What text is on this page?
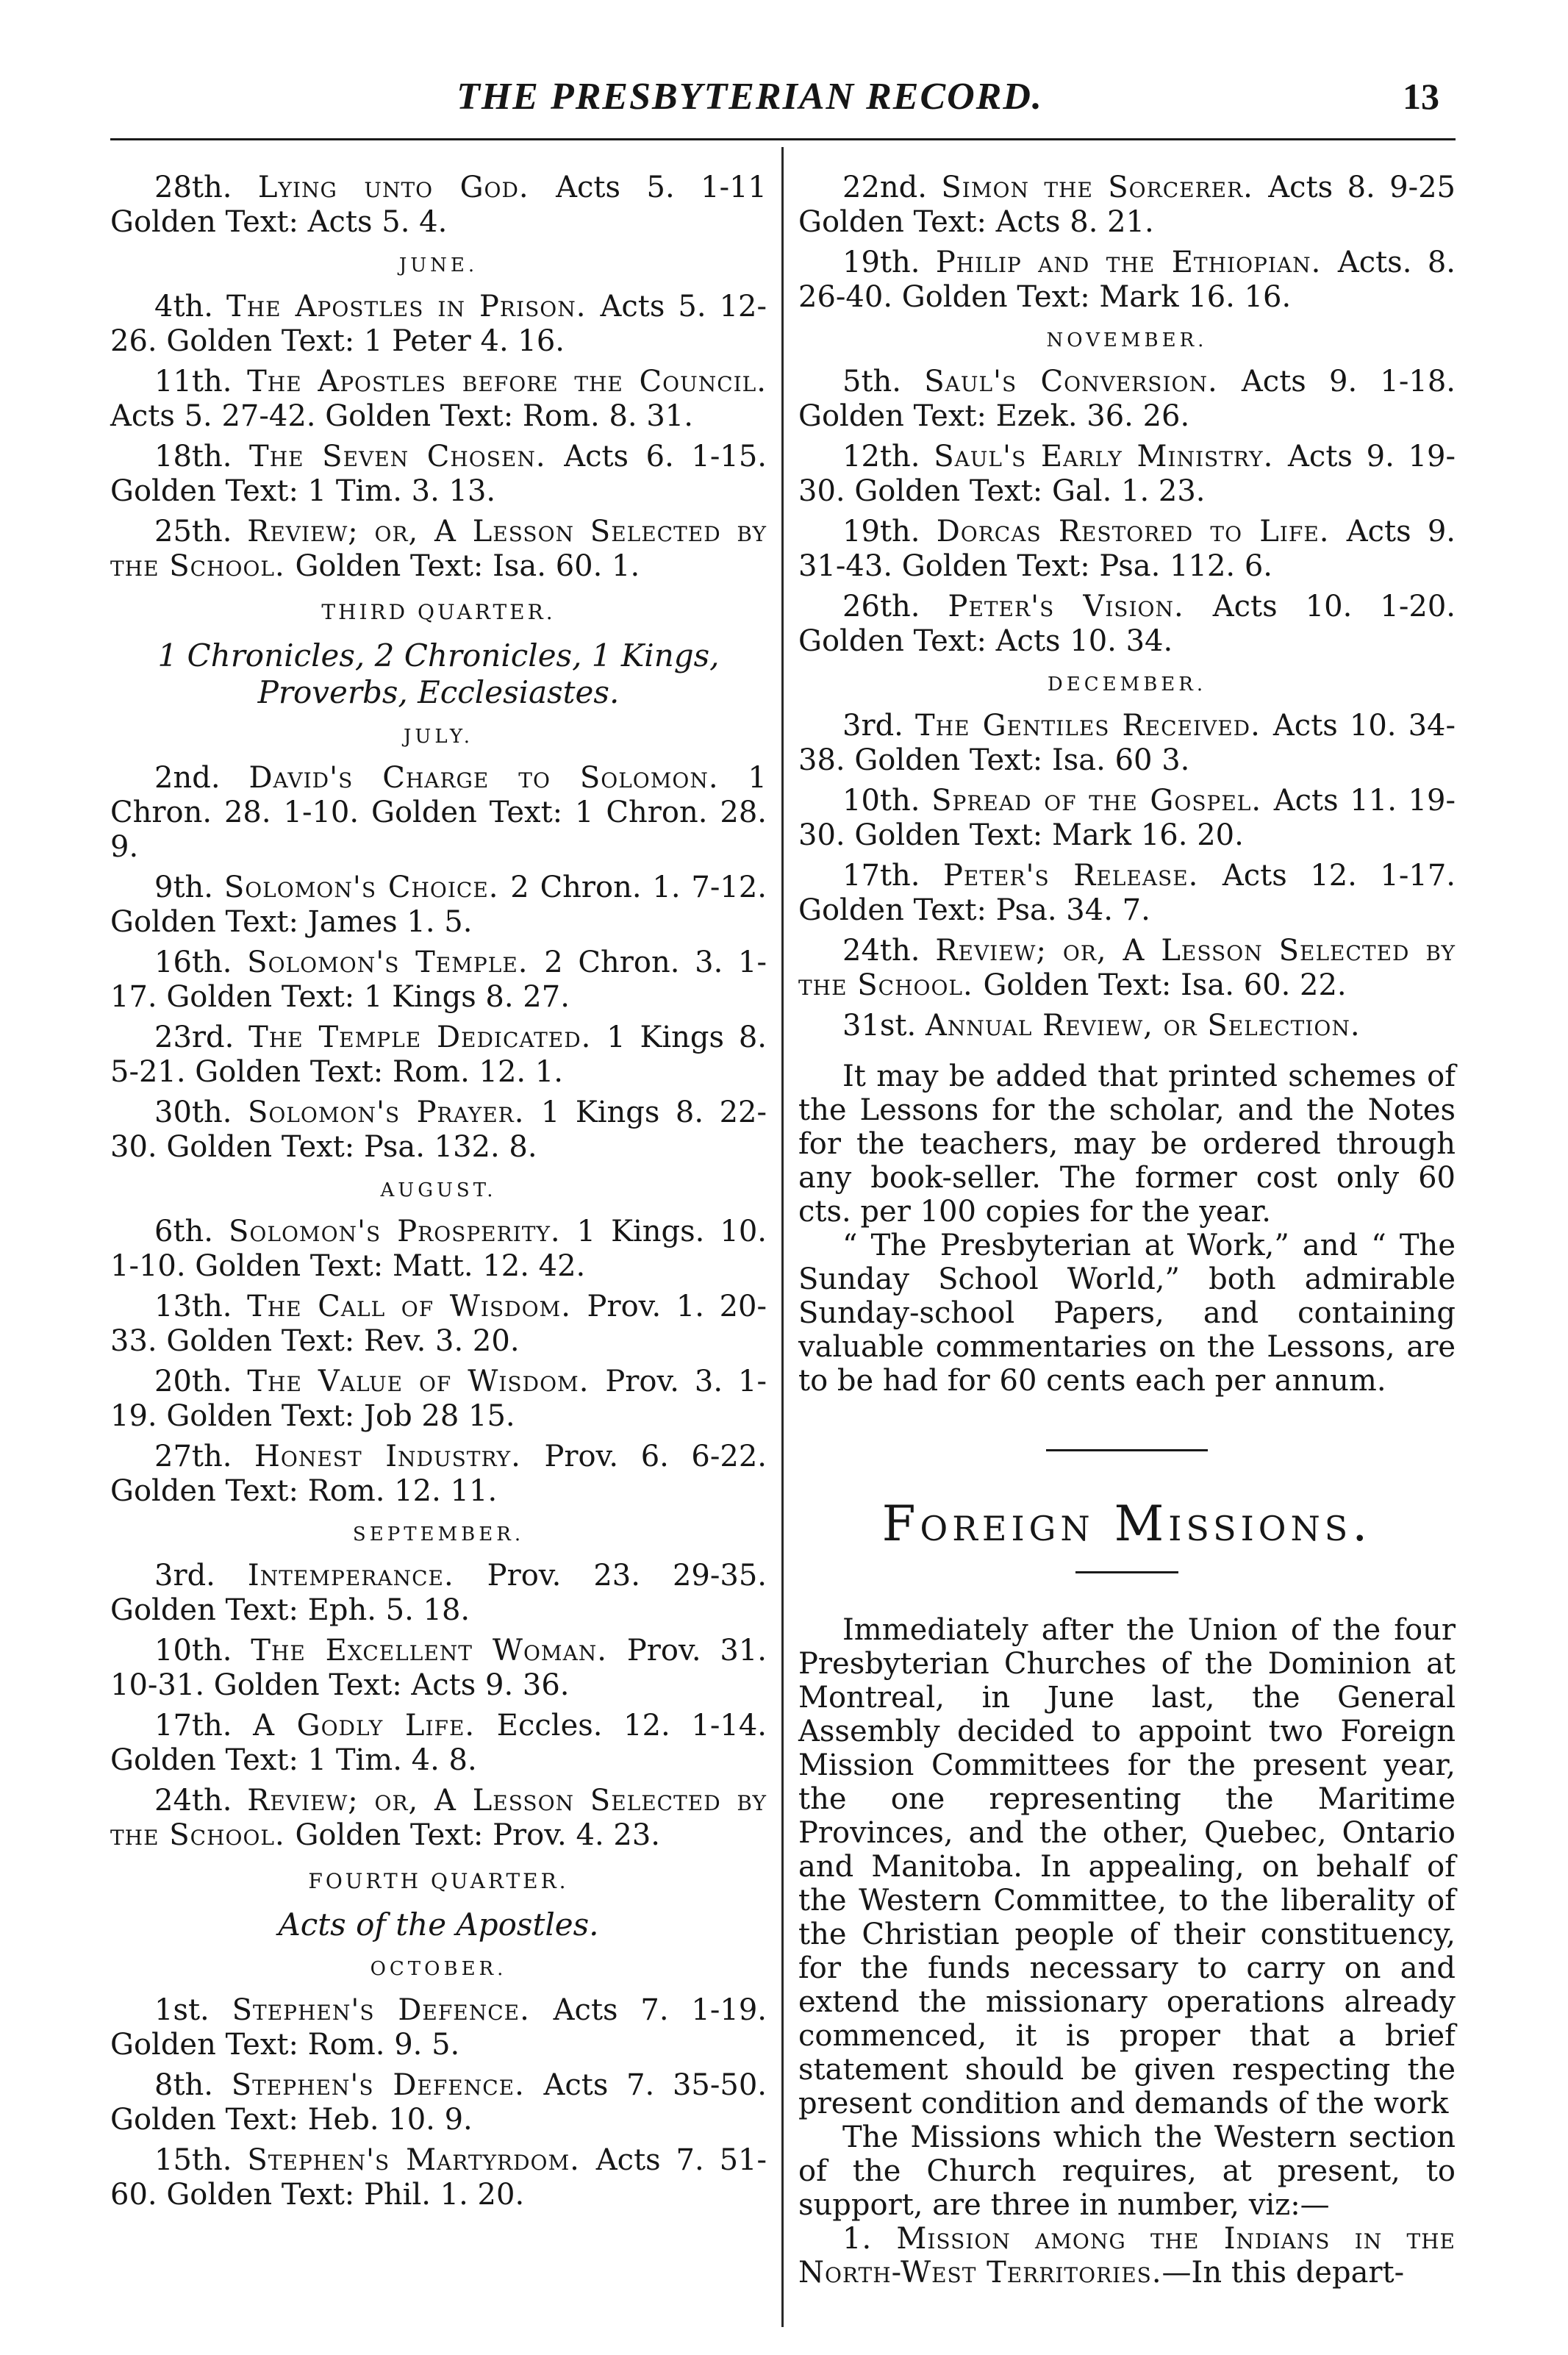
THE PRESBYTERIAN RECORD.	13

28th. Lying unto God. Acts 5. 1-11 Golden Text: Acts 5. 4.

JUNE.

4th. The Apostles in Prison. Acts 5. 12-26. Golden Text: 1 Peter 4. 16.

11th. The Apostles before the Council. Acts 5. 27-42. Golden Text: Rom. 8. 31.

18th. The Seven Chosen. Acts 6. 1-15. Golden Text: 1 Tim. 3. 13.

25th. Review; or, A Lesson Selected by the School. Golden Text: Isa. 60. 1.

THIRD QUARTER.
1 Chronicles, 2 Chronicles, 1 Kings, Proverbs, Ecclesiastes.
JULY.

2nd. David's Charge to Solomon. 1 Chron. 28. 1-10. Golden Text: 1 Chron. 28. 9.

9th. Solomon's Choice. 2 Chron. 1. 7-12. Golden Text: James 1. 5.

16th. Solomon's Temple. 2 Chron. 3. 1-17. Golden Text: 1 Kings 8. 27.

23rd. The Temple Dedicated. 1 Kings 8. 5-21. Golden Text: Rom. 12. 1.

30th. Solomon's Prayer. 1 Kings 8. 22-30. Golden Text: Psa. 132. 8.

AUGUST.

6th. Solomon's Prosperity. 1 Kings. 10. 1-10. Golden Text: Matt. 12. 42.

13th. The Call of Wisdom. Prov. 1. 20-33. Golden Text: Rev. 3. 20.

20th. The Value of Wisdom. Prov. 3. 1-19. Golden Text: Job 28 15.

27th. Honest Industry. Prov. 6. 6-22. Golden Text: Rom. 12. 11.

SEPTEMBER.

3rd. Intemperance. Prov. 23. 29-35. Golden Text: Eph. 5. 18.

10th. The Excellent Woman. Prov. 31. 10-31. Golden Text: Acts 9. 36.

17th. A Godly Life. Eccles. 12. 1-14. Golden Text: 1 Tim. 4. 8.

24th. Review; or, A Lesson Selected by the School. Golden Text: Prov. 4. 23.

FOURTH QUARTER.
Acts of the Apostles.
OCTOBER.

1st. Stephen's Defence. Acts 7. 1-19. Golden Text: Rom. 9. 5.

8th. Stephen's Defence. Acts 7. 35-50. Golden Text: Heb. 10. 9.

15th. Stephen's Martyrdom. Acts 7. 51-60. Golden Text: Phil. 1. 20.

22nd. Simon the Sorcerer. Acts 8. 9-25 Golden Text: Acts 8. 21.

19th. Philip and the Ethiopian. Acts. 8. 26-40. Golden Text: Mark 16. 16.

NOVEMBER.

5th. Saul's Conversion. Acts 9. 1-18. Golden Text: Ezek. 36. 26.

12th. Saul's Early Ministry. Acts 9. 19-30. Golden Text: Gal. 1. 23.

19th. Dorcas Restored to Life. Acts 9. 31-43. Golden Text: Psa. 112. 6.

26th. Peter's Vision. Acts 10. 1-20. Golden Text: Acts 10. 34.

DECEMBER.

3rd. The Gentiles Received. Acts 10. 34-38. Golden Text: Isa. 60 3.

10th. Spread of the Gospel. Acts 11. 19-30. Golden Text: Mark 16. 20.

17th. Peter's Release. Acts 12. 1-17. Golden Text: Psa. 34. 7.

24th. Review; or, A Lesson Selected by the School. Golden Text: Isa. 60. 22.

31st. Annual Review, or Selection.

It may be added that printed schemes of the Lessons for the scholar, and the Notes for the teachers, may be ordered through any book-seller. The former cost only 60 cts. per 100 copies for the year.

“ The Presbyterian at Work,” and “ The Sunday School World,” both admirable Sunday-school Papers, and containing valuable commentaries on the Lessons, are to be had for 60 cents each per annum.

Foreign Missions.

Immediately after the Union of the four Presbyterian Churches of the Dominion at Montreal, in June last, the General Assembly decided to appoint two Foreign Mission Committees for the present year, the one representing the Maritime Provinces, and the other, Quebec, Ontario and Manitoba. In appealing, on behalf of the Western Committee, to the liberality of the Christian people of their constituency, for the funds necessary to carry on and extend the missionary operations already commenced, it is proper that a brief statement should be given respecting the present condition and demands of the work

The Missions which the Western section of the Church requires, at present, to support, are three in number, viz:—

1. Mission among the Indians in the North-West Territories.—In this depart-
